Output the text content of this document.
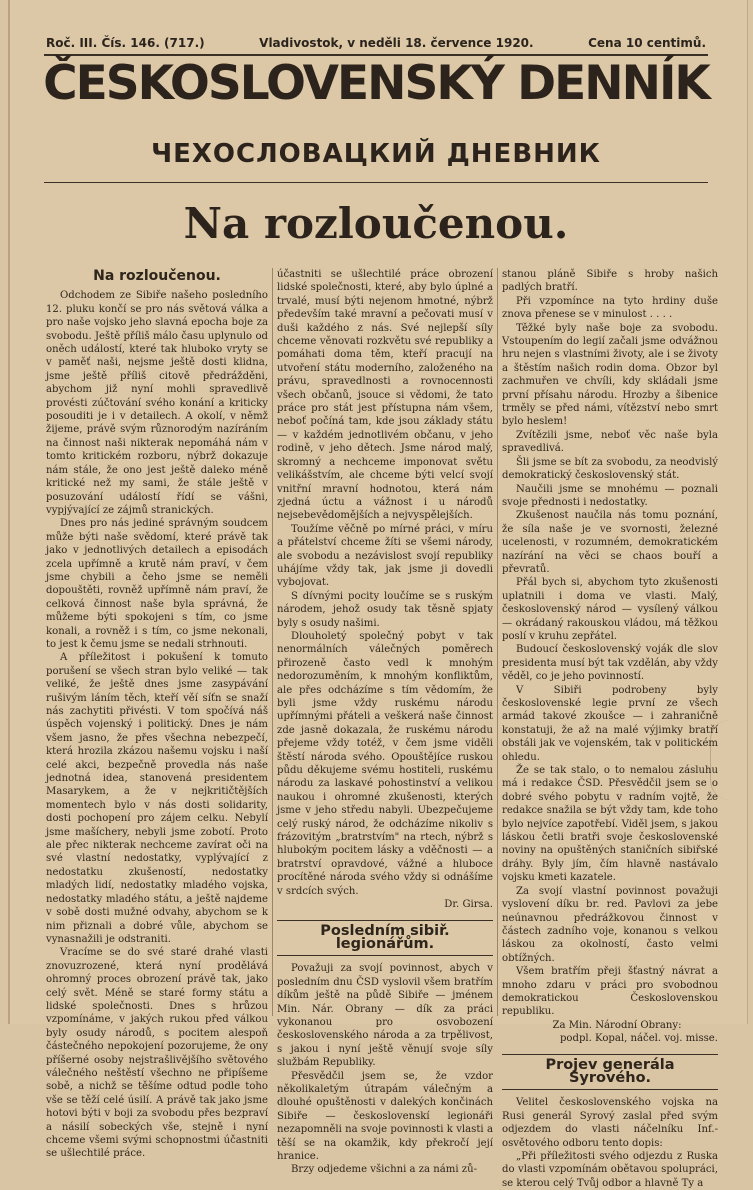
Roč. III. Čís. 146. (717.)	Vladivostok, v neděli 18. července 1920.	Cena 10 centimů.
ČESKOSLOVENSKÝ DENNÍK
ЧЕХОСЛОВАЦКИЙ ДНЕВНИК
Na rozloučenou.
Na rozloučenou.

Odchodem ze Sibiře našeho posledního 12. pluku končí se pro nás světová válka a pro naše vojsko jeho slavná epocha boje za svobodu. Ještě příliš málo času uplynulo od oněch událostí, které tak hluboko vryty se v paměť naši, nejsme ještě dosti klidna, jsme ještě příliš citově předrážděni, abychom již nyní mohli spravedlivě provésti zúčtování svého konání a kriticky posouditi je i v detailech. A okolí, v němž žijeme, právě svým různorodým nazíráním na činnost naši nikterak nepomáhá nám v tomto kritickém rozboru, nýbrž dokazuje nám stále, že ono jest ještě daleko méně kritické než my sami, že stále ještě v posuzování událostí řídí se vášni, vypjývající ze zájmů stranických.

Dnes pro nás jediné správným soudcem může býti naše svědomí, které právě tak jako v jednotlivých detailech a episodách zcela upřímně a krutě nám praví, v čem jsme chybili a čeho jsme se neměli dopouštěti, rovněž upřímně nám praví, že celková činnost naše byla správná, že můžeme býti spokojeni s tím, co jsme konali, a rovněž i s tím, co jsme nekonali, to jest k čemu jsme se nedali strhnouti.

A příležitost i pokušení k tomuto porušení se všech stran bylo veliké — tak veliké, že ještě dnes jsme zasypávání rušivým láním těch, kteří věí síťn se snaží nás zachytiti přivésti. V tom spočívá náš úspěch vojenský i politický. Dnes je nám všem jasno, že přes všechna nebezpečí, která hrozila zkázou našemu vojsku i naší celé akci, bezpečně provedla nás naše jednotná idea, stanovená presidentem Masarykem, a že v nejkritičtějších momentech bylo v nás dosti solidarity, dosti pochopení pro zájem celku. Nebylí jsme mašíchery, nebyli jsme zobotí. Proto ale přec nikterak nechceme zavírat oči na své vlastní nedostatky, vyplývající z nedostatku zkušeností, nedostatky mladých lidí, nedostatky mladého vojska, nedostatky mladého státu, a ještě najdeme v sobě dosti mužné odvahy, abychom se k nim přiznali a dobré vůle, abychom se vynasnažili je odstraniti.

Vracíme se do své staré drahé vlasti znovuzrozené, která nyní prodělává ohromný proces obrození právě tak, jako celý svět. Méně se staré formy státu a lidské společnosti. Dnes s hrůzou vzpomínáme, v jakých rukou před válkou byly osudy národů, s pocitem alespoň částečného nepokojení pozorujeme, že ony příšerné osoby nejstrašlivějšího světového válečného neštěstí všechno ne připíšeme sobě, a nichž se těšíme odtud podle toho vše se těží celé úsilí. A právě tak jako jsme hotovi býti v boji za svobodu přes bezpraví a násilí sobeckých vše, stejně i nyní chceme všemi svými schopnostmi účastniti se ušlechtilé práce.

účastniti se ušlechtilé práce obrození lidské společnosti, které, aby bylo úplné a trvalé, musí býti nejenom hmotné, nýbrž především také mravní a pečovati musí v duši každého z nás. Své nejlepší síly chceme věnovati rozkvětu své republiky a pomáhati doma těm, kteří pracují na utvoření státu moderního, založeného na právu, spravedlnosti a rovnocennosti všech občanů, jsouce si vědomi, že tato práce pro stát jest přístupna nám všem, neboť počíná tam, kde jsou základy státu — v každém jednotlivém občanu, v jeho rodině, v jeho dětech. Jsme národ malý, skromný a nechceme imponovat světu velikášstvím, ale chceme býti velcí svojí vnitřní mravní hodnotou, která nám zjedná úctu a vážnost i u národů nejsebevědomějších a nejvyspělejších.

Toužíme věčně po mírné práci, v míru a přátelství chceme žíti se všemi národy, ale svobodu a nezávislost svojí republiky uhájíme vždy tak, jak jsme ji dovedli vybojovat.

S dívnými pocity loučíme se s ruským národem, jehož osudy tak těsně spjaty byly s osudy našimi.

Dlouholetý společný pobyt v tak nenormálních válečných poměrech přirozeně často vedl k mnohým nedorozuměním, k mnohým konfliktům, ale přes odcházíme s tím vědomím, že byli jsme vždy ruskému národu upřímnými přáteli a veškerá naše činnost zde jasně dokazala, že ruskému národu přejeme vždy totéž, v čem jsme viděli štěstí národa svého. Opouštějíce ruskou půdu děkujeme svému hostiteli, ruskému národu za laskavé pohostinství a velikou naukou i ohromné zkušenosti, kterých jsme v jeho středu nabyli. Ubezpečujeme celý ruský národ, že odcházíme nikoliv s frázovitým „bratrstvím" na rtech, nýbrž s hlubokým pocitem lásky a vděčnosti — a bratrství opravdové, vážné a hluboce procítěné národa svého vždy si odnášíme v srdcích svých.

Dr. Girsa.

Posledním sibiř. legionářům.

Považuji za svojí povinnost, abych v posledním dnu ČSD vyslovil všem bratřím díkům ještě na půdě Sibiře — jménem Min. Nár. Obrany — dík za práci vykonanou pro osvobození československého národa a za trpělivost, s jakou i nyní ještě věnují svoje síly službám Republiky.

Přesvědčil jsem se, že vzdor několikaletým útrapám válečným a dlouhé opuštěnosti v dalekých končinách Sibiře — československí legionáři nezapomněli na svoje povinnosti k vlasti a těší se na okamžik, kdy překročí její hranice.

Brzy odjedeme všichni a za námi zů-

stanou pláně Sibiře s hroby našich padlých bratří.

Při vzpomínce na tyto hrdiny duše znova přenese se v minulost . . . .

Těžké byly naše boje za svobodu. Vstoupením do legií začali jsme odvážnou hru nejen s vlastními životy, ale i se životy a štěstím našich rodin doma. Obzor byl zachmuřen ve chvíli, kdy skládali jsme první přísahu národu. Hrozby a šibenice trměly se před námi, vítězství nebo smrt bylo heslem!

Zvítězili jsme, neboť věc naše byla spravedlivá.

Šli jsme se bít za svobodu, za neodvislý demokratický československý stát.

Naučili jsme se mnohému — poznali svoje přednosti i nedostatky.

Zkušenost naučila nás tomu poznání, že síla naše je ve svornosti, železné ucelenosti, v rozumném, demokratickém nazírání na věci se chaos bouří a převratů.

Přál bych si, abychom tyto zkušenosti uplatnili i doma ve vlasti. Malý, československý národ — vysílený válkou — okrádaný rakouskou vládou, má těžkou poslí v kruhu zepřátel.

Budoucí československý voják dle slov presidenta musí být tak vzdělán, aby vždy věděl, co je jeho povinností.

V Sibiři podrobeny byly československé legie první ze všech armád takové zkoušce — i zahraničně konstatuji, že až na malé výjimky bratří obstáli jak ve vojenském, tak v politickém ohledu.

Že se tak stalo, o to nemalou zásluhu má i redakce ČSD. Přesvědčil jsem se o dobré svého pobytu v radním vojtě, že redakce snažila se být vždy tam, kde toho bylo nejvíce zapotřebí. Viděl jsem, s jakou láskou četli bratři svoje československé noviny na opuštěných staničních sibiřské dráhy. Byly jím, čím hlavně nastávalo vojsku kmeti kazatele.

Za svojí vlastní povinnost považuji vyslovení díku br. red. Pavlovi za jebe neúnavnou předrážkovou činnost v částech zadního voje, konanou s velkou láskou za okolností, často velmi obtížných.

Všem bratřím přeji šťastný návrat a mnoho zdaru v práci pro svobodnou demokratickou Československou republiku.

Za Min. Národní Obrany:

podpl. Kopal, náčel. voj. misse.

Projev generála Syrového.

Velitel československého vojska na Rusi generál Syrový zaslal před svým odjezdem do vlasti náčelníku Inf.-osvětového odboru tento dopis:

„Při příležitosti svého odjezdu z Ruska do vlasti vzpomínám obětavou spolupráci, se kterou celý Tvůj odbor a hlavně Ty a
